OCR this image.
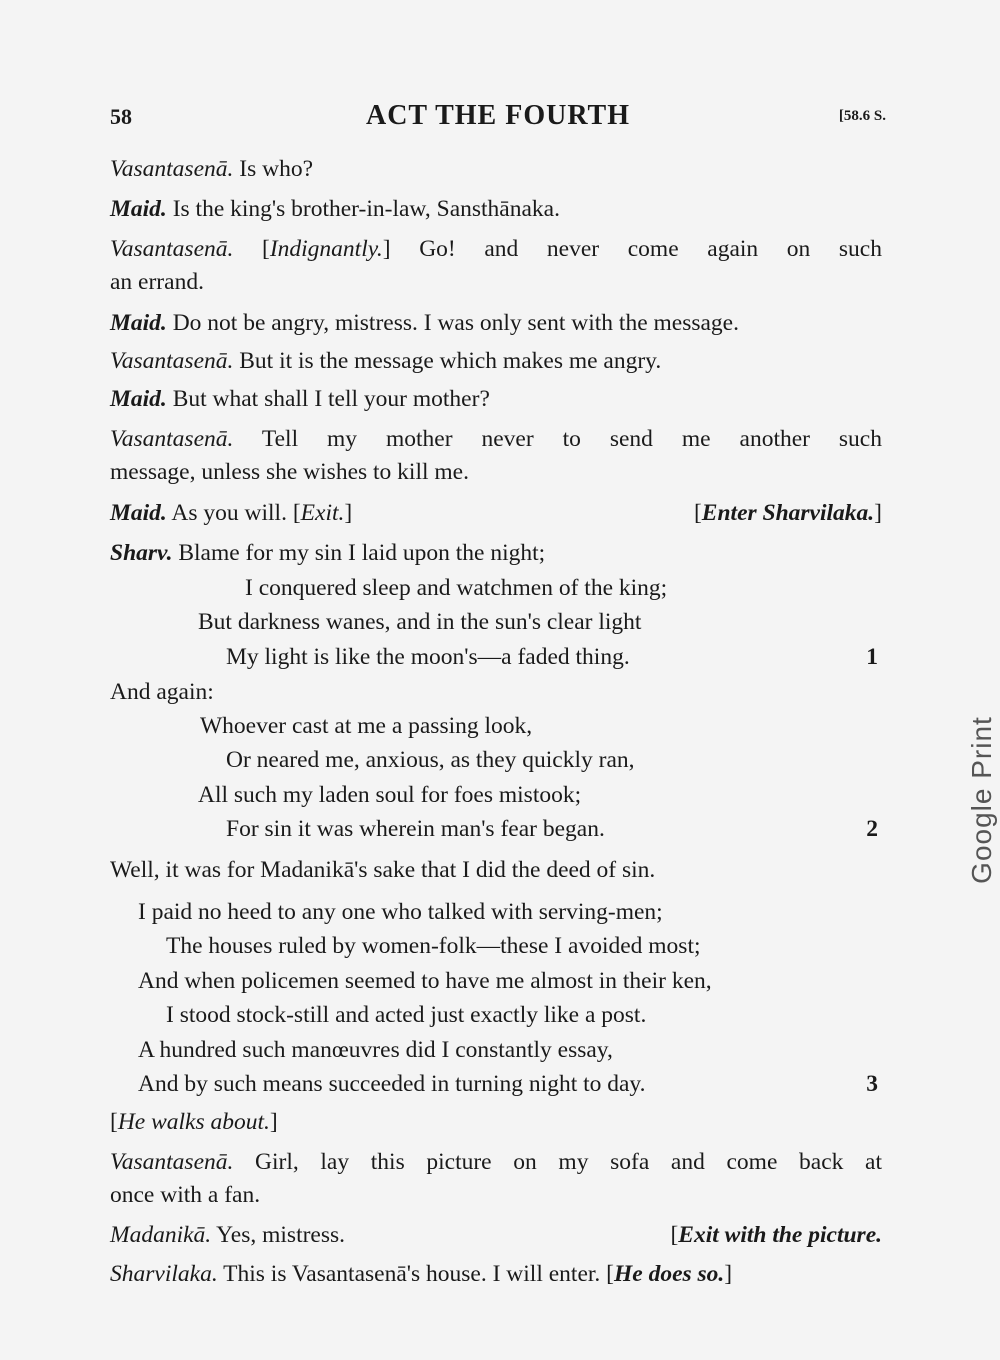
58	ACT THE FOURTH	[58.6 S.
Vasantasenā. Is who?
Maid. Is the king's brother-in-law, Sansthānaka.
Vasantasenā. [Indignantly.] Go! and never come again on such
an errand.
Maid. Do not be angry, mistress. I was only sent with the message.
Vasantasenā. But it is the message which makes me angry.
Maid. But what shall I tell your mother?
Vasantasenā. Tell my mother never to send me another such
message, unless she wishes to kill me.
Maid. As you will. [Exit.]	[Enter Sharvilaka.]
Sharv. Blame for my sin I laid upon the night;
I conquered sleep and watchmen of the king;
But darkness wanes, and in the sun's clear light
My light is like the moon's—a faded thing.	1
And again:
Whoever cast at me a passing look,
Or neared me, anxious, as they quickly ran,
All such my laden soul for foes mistook;
For sin it was wherein man's fear began.	2
Well, it was for Madanikā's sake that I did the deed of sin.
I paid no heed to any one who talked with serving-men;
The houses ruled by women-folk—these I avoided most;
And when policemen seemed to have me almost in their ken,
I stood stock-still and acted just exactly like a post.
A hundred such manœuvres did I constantly essay,
And by such means succeeded in turning night to day.	3
[He walks about.]
Vasantasenā. Girl, lay this picture on my sofa and come back at
once with a fan.
Madanikā. Yes, mistress.	[Exit with the picture.
Sharvilaka. This is Vasantasenā's house. I will enter. [He does so.]
Google Print
